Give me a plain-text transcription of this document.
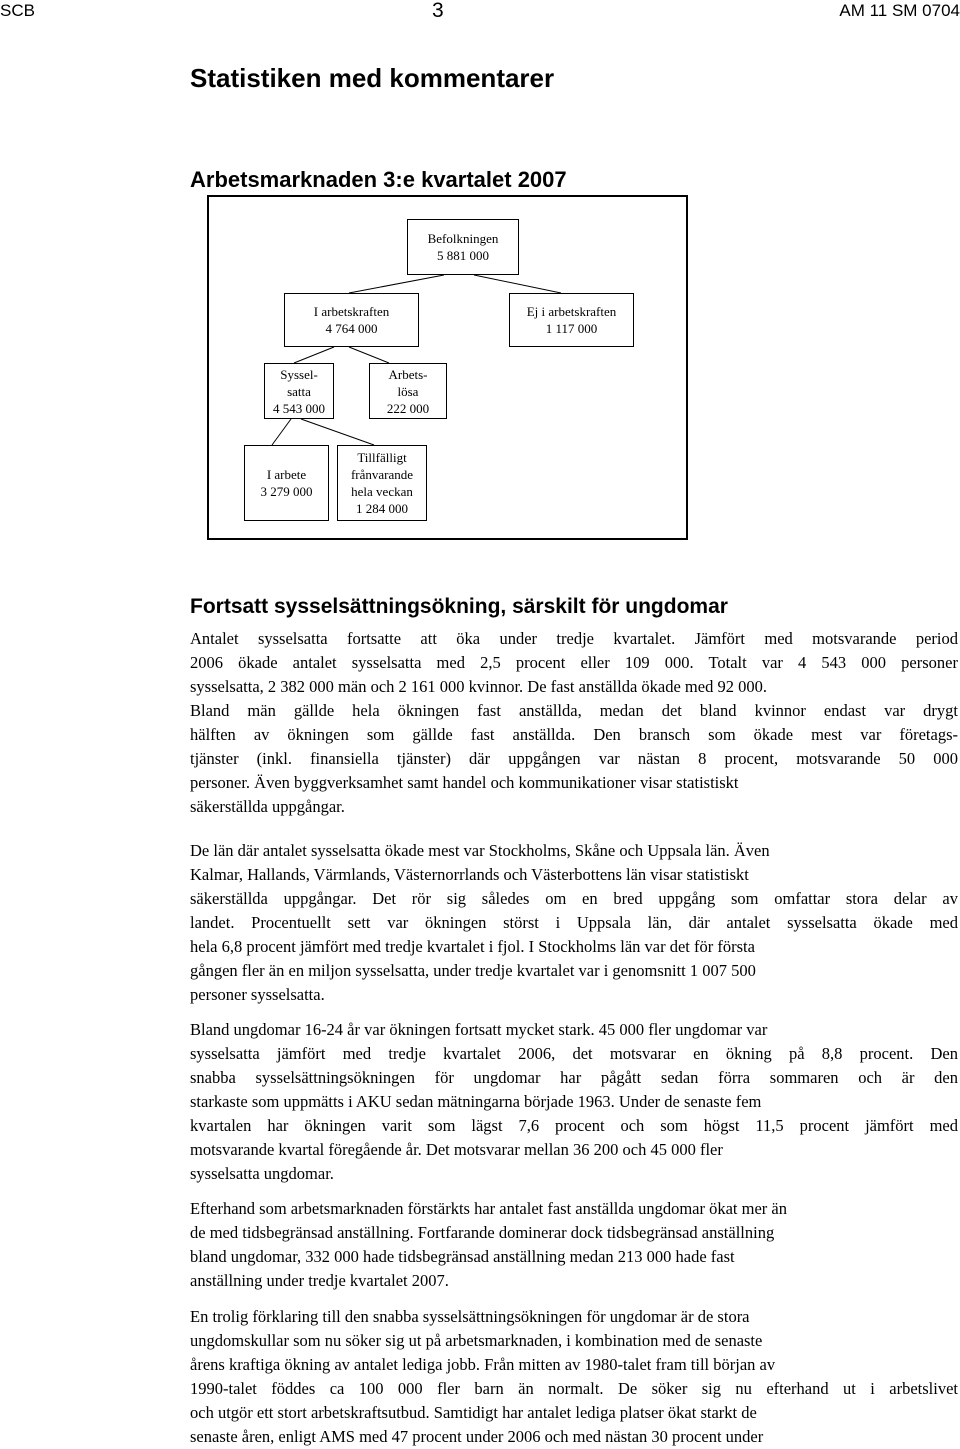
SCB	3	AM 11 SM 0704
Statistiken med kommentarer
Arbetsmarknaden 3:e kvartalet 2007
Befolkningen
5 881 000
I arbetskraften
4 764 000
Ej i arbetskraften
1 117 000
Syssel-
satta
4 543 000
Arbets-
lösa
222 000
I arbete
3 279 000
Tillfälligt
frånvarande
hela veckan
1 284 000
Fortsatt sysselsättningsökning, särskilt för ungdomar
Antalet sysselsatta fortsatte att öka under tredje kvartalet. Jämfört med motsvarande period
2006 ökade antalet sysselsatta med 2,5 procent eller 109 000. Totalt var 4 543 000 personer
sysselsatta, 2 382 000 män och 2 161 000 kvinnor. De fast anställda ökade med 92 000.
Bland män gällde hela ökningen fast anställda, medan det bland kvinnor endast var drygt
hälften av ökningen som gällde fast anställda. Den bransch som ökade mest var företags-
tjänster (inkl. finansiella tjänster) där uppgången var nästan 8 procent, motsvarande 50 000
personer. Även byggverksamhet samt handel och kommunikationer visar statistiskt
säkerställda uppgångar.
De län där antalet sysselsatta ökade mest var Stockholms, Skåne och Uppsala län. Även
Kalmar, Hallands, Värmlands, Västernorrlands och Västerbottens län visar statistiskt
säkerställda uppgångar. Det rör sig således om en bred uppgång som omfattar stora delar av
landet. Procentuellt sett var ökningen störst i Uppsala län, där antalet sysselsatta ökade med
hela 6,8 procent jämfört med tredje kvartalet i fjol. I Stockholms län var det för första
gången fler än en miljon sysselsatta, under tredje kvartalet var i genomsnitt 1 007 500
personer sysselsatta.
Bland ungdomar 16-24 år var ökningen fortsatt mycket stark. 45 000 fler ungdomar var
sysselsatta jämfört med tredje kvartalet 2006, det motsvarar en ökning på 8,8 procent. Den
snabba sysselsättningsökningen för ungdomar har pågått sedan förra sommaren och är den
starkaste som uppmätts i AKU sedan mätningarna började 1963. Under de senaste fem
kvartalen har ökningen varit som lägst 7,6 procent och som högst 11,5 procent jämfört med
motsvarande kvartal föregående år. Det motsvarar mellan 36 200 och 45 000 fler
sysselsatta ungdomar.
Efterhand som arbetsmarknaden förstärkts har antalet fast anställda ungdomar ökat mer än
de med tidsbegränsad anställning. Fortfarande dominerar dock tidsbegränsad anställning
bland ungdomar, 332 000 hade tidsbegränsad anställning medan 213 000 hade fast
anställning under tredje kvartalet 2007.
En trolig förklaring till den snabba sysselsättningsökningen för ungdomar är de stora
ungdomskullar som nu söker sig ut på arbetsmarknaden, i kombination med de senaste
årens kraftiga ökning av antalet lediga jobb. Från mitten av 1980-talet fram till början av
1990-talet föddes ca 100 000 fler barn än normalt. De söker sig nu efterhand ut i arbetslivet
och utgör ett stort arbetskraftsutbud. Samtidigt har antalet lediga platser ökat starkt de
senaste åren, enligt AMS med 47 procent under 2006 och med nästan 30 procent under
